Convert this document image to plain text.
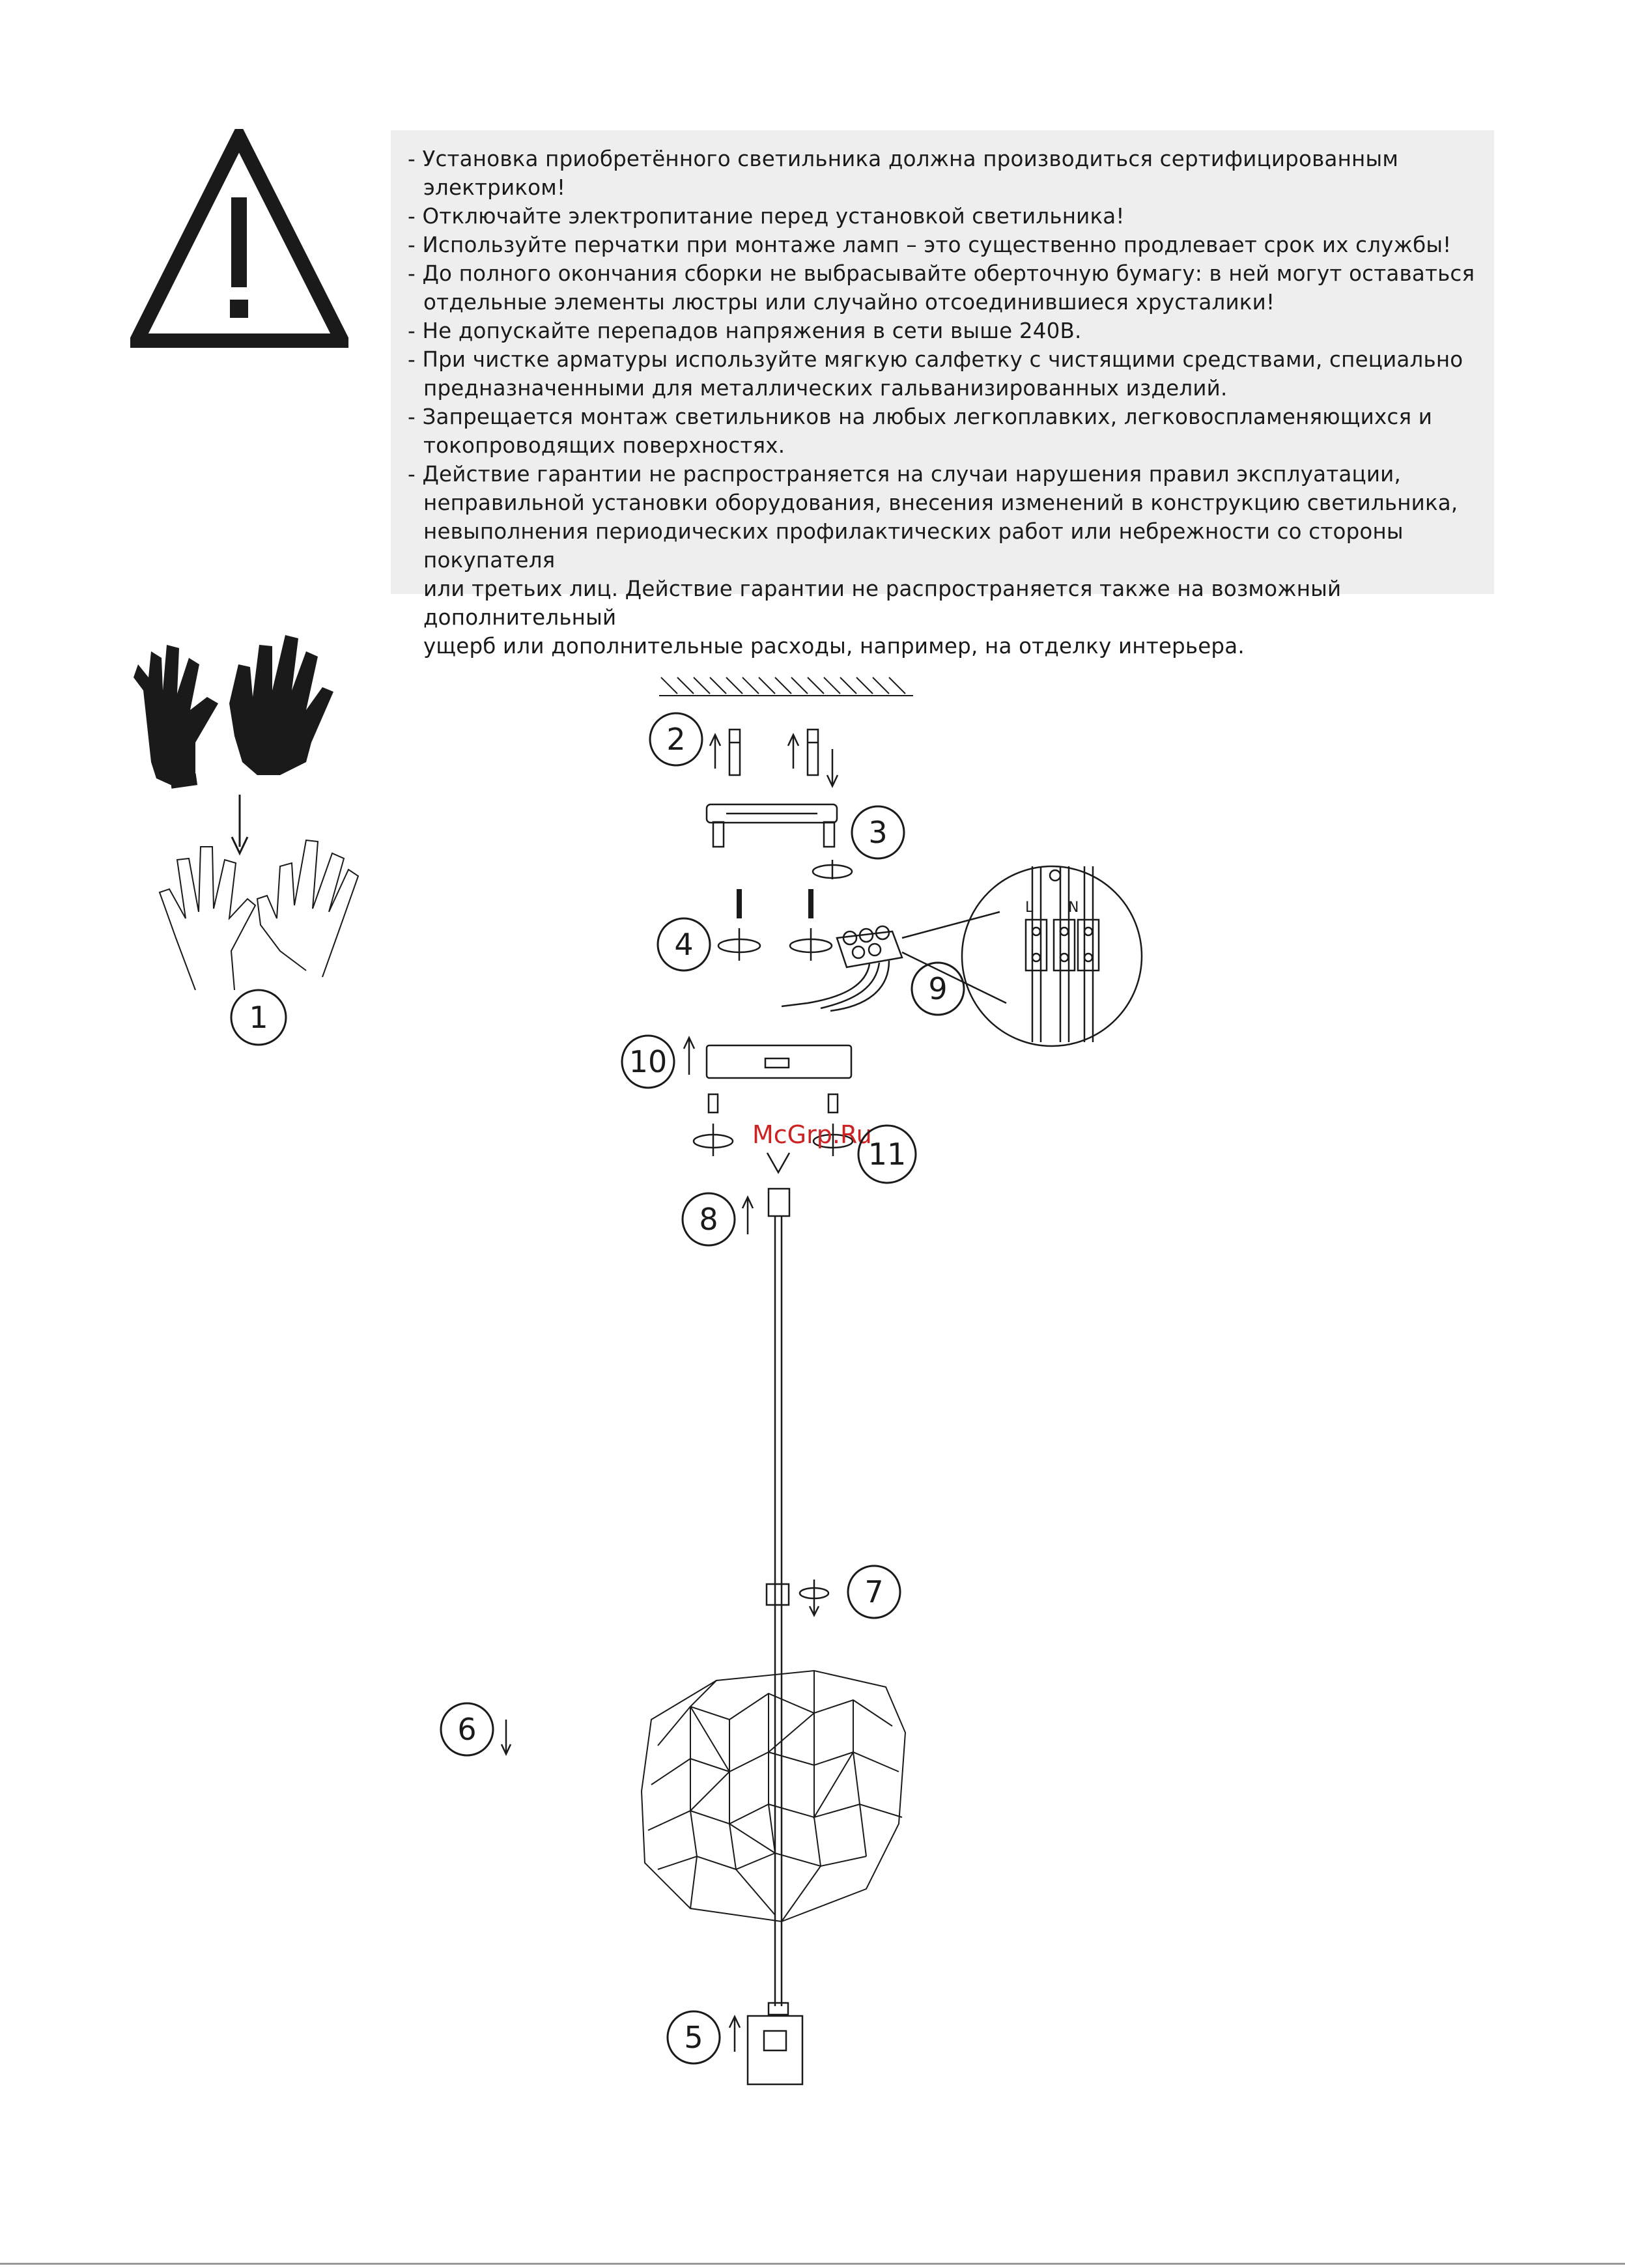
- Установка приобретённого светильника должна производиться сертифицированным электриком!
- Отключайте электропитание перед установкой светильника!
- Используйте перчатки при монтаже ламп – это существенно продлевает срок их службы!
- До полного окончания сборки не выбрасывайте оберточную бумагу: в ней могут оставаться
отдельные элементы люстры или случайно отсоединившиеся хрусталики!
- Не допускайте перепадов напряжения в сети выше 240В.
- При чистке арматуры используйте мягкую салфетку с чистящими средствами, специально
предназначенными для металлических гальванизированных изделий.
- Запрещается монтаж светильников на любых легкоплавких, легковоспламеняющихся и
токопроводящих поверхностях.
- Действие гарантии не распространяется на случаи нарушения правил эксплуатации,
неправильной установки оборудования, внесения изменений в конструкцию светильника,
невыполнения периодических профилактических работ или небрежности со стороны покупателя
или третьих лиц. Действие гарантии не распространяется также на возможный дополнительный
ущерб или дополнительные расходы, например, на отделку интерьера.
1
2
3
4
9
L N
10
McGrp.Ru
11
8
7
6
5
